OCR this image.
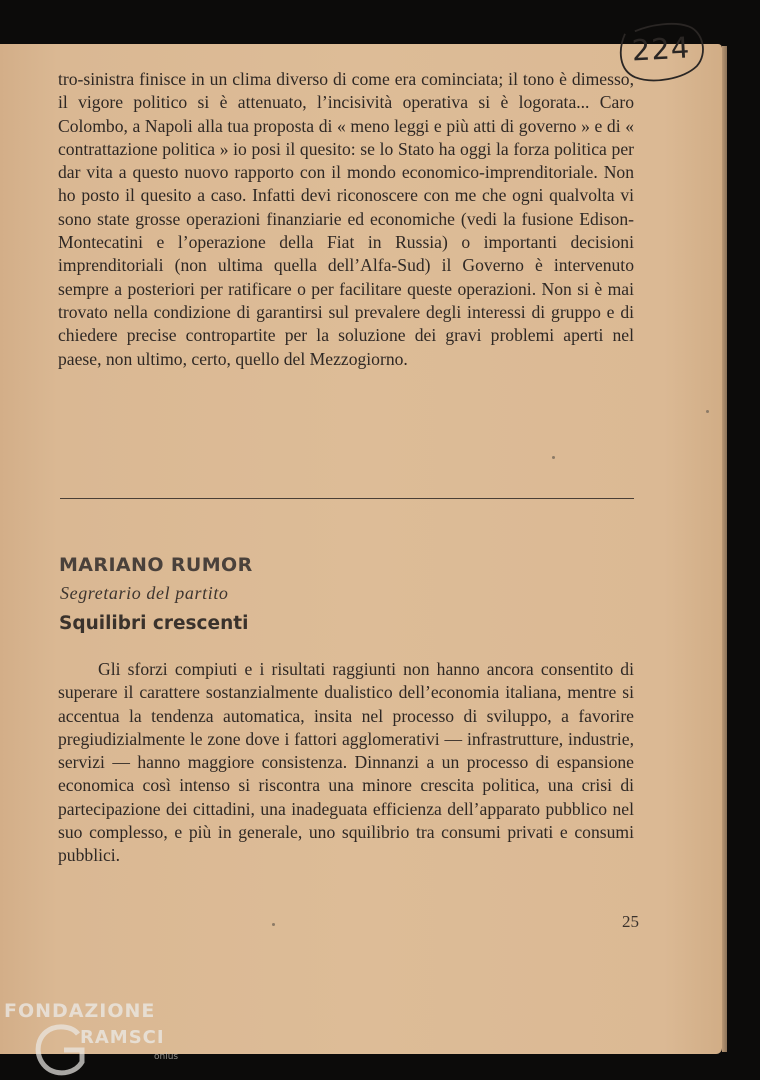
224

tro-sinistra finisce in un clima diverso di come era cominciata; il tono è dimesso, il vigore politico si è attenuato, l’incisività operativa si è logorata... Caro Colombo, a Napoli alla tua proposta di « meno leggi e più atti di governo » e di « contrattazione politica » io posi il quesito: se lo Stato ha oggi la forza politica per dar vita a questo nuovo rapporto con il mondo economico-imprenditoriale. Non ho posto il quesito a caso. Infatti devi riconoscere con me che ogni qualvolta vi sono state grosse operazioni finanziarie ed economiche (vedi la fusione Edison-Montecatini e l’operazione della Fiat in Russia) o importanti decisioni imprenditoriali (non ultima quella dell’Alfa-Sud) il Governo è intervenuto sempre a posteriori per ratificare o per facilitare queste operazioni. Non si è mai trovato nella condizione di garantirsi sul prevalere degli interessi di gruppo e di chiedere precise contropartite per la soluzione dei gravi problemi aperti nel paese, non ultimo, certo, quello del Mezzogiorno.

MARIANO RUMOR

Segretario del partito

Squilibri crescenti

Gli sforzi compiuti e i risultati raggiunti non hanno ancora consentito di superare il carattere sostanzialmente dualistico dell’economia italiana, mentre si accentua la tendenza automatica, insita nel processo di sviluppo, a favorire pregiudizialmente le zone dove i fattori agglomerativi — infrastrutture, industrie, servizi — hanno maggiore consistenza. Dinnanzi a un processo di espansione economica così intenso si riscontra una minore crescita politica, una crisi di partecipazione dei cittadini, una inadeguata efficienza dell’apparato pubblico nel suo complesso, e più in generale, uno squilibrio tra consumi privati e consumi pubblici.

25
FONDAZIONE
RAMSCI
onlus
